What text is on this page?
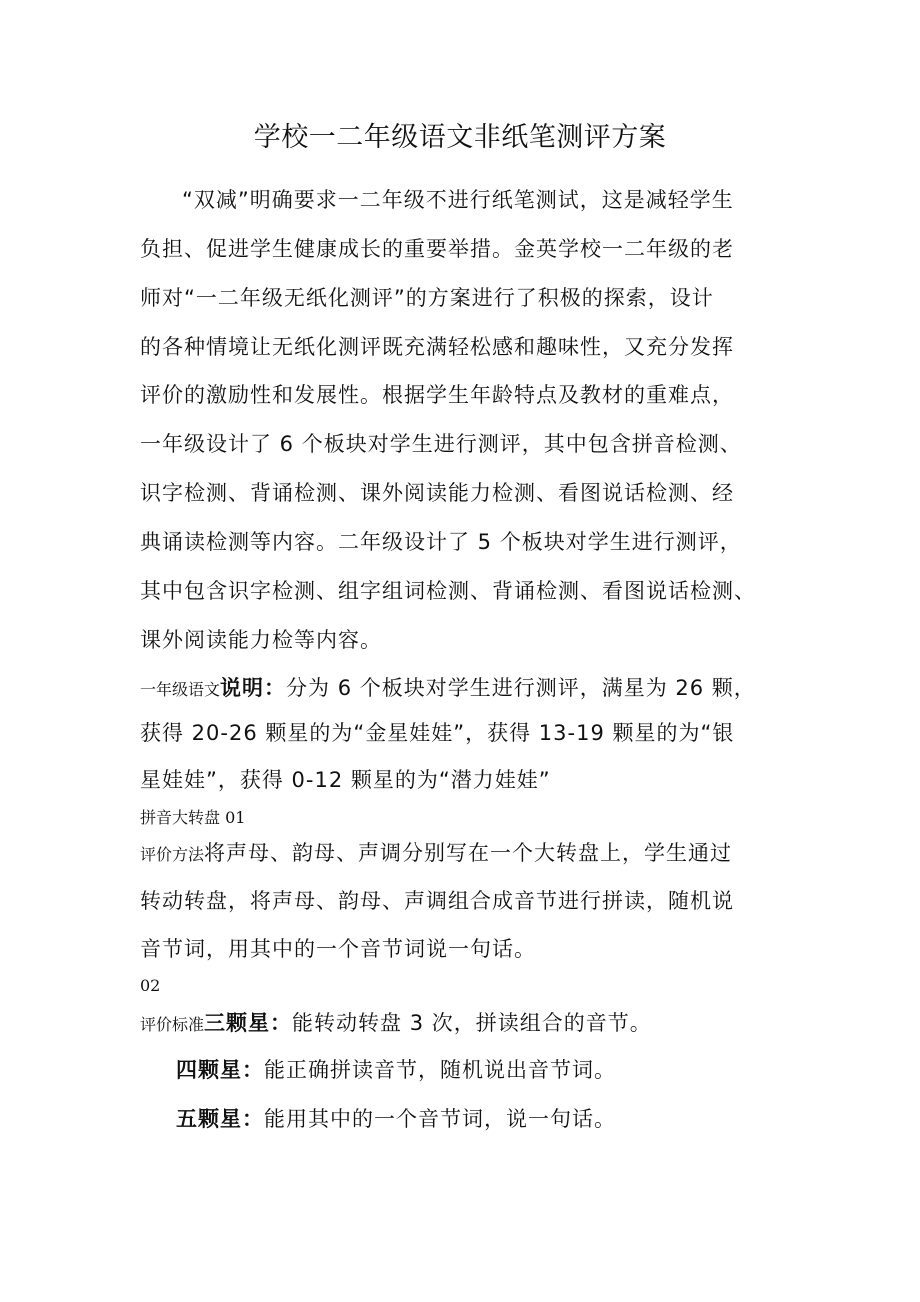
学校一二年级语文非纸笔测评方案
“双减”明确要求一二年级不进行纸笔测试，这是减轻学生
负担、促进学生健康成长的重要举措。金英学校一二年级的老
师对“一二年级无纸化测评”的方案进行了积极的探索，设计
的各种情境让无纸化测评既充满轻松感和趣味性，又充分发挥
评价的激励性和发展性。根据学生年龄特点及教材的重难点，
一年级设计了 6 个板块对学生进行测评，其中包含拼音检测、
识字检测、背诵检测、课外阅读能力检测、看图说话检测、经
典诵读检测等内容。二年级设计了 5 个板块对学生进行测评，
其中包含识字检测、组字组词检测、背诵检测、看图说话检测、
课外阅读能力检等内容。
一年级语文说明：分为 6 个板块对学生进行测评，满星为 26 颗，
获得 20-26 颗星的为“金星娃娃”，获得 13-19 颗星的为“银
星娃娃”，获得 0-12 颗星的为“潜力娃娃”
拼音大转盘 01
评价方法将声母、韵母、声调分别写在一个大转盘上，学生通过
转动转盘，将声母、韵母、声调组合成音节进行拼读，随机说
音节词，用其中的一个音节词说一句话。
02
评价标准三颗星：能转动转盘 3 次，拼读组合的音节。
四颗星：能正确拼读音节，随机说出音节词。
五颗星：能用其中的一个音节词，说一句话。
